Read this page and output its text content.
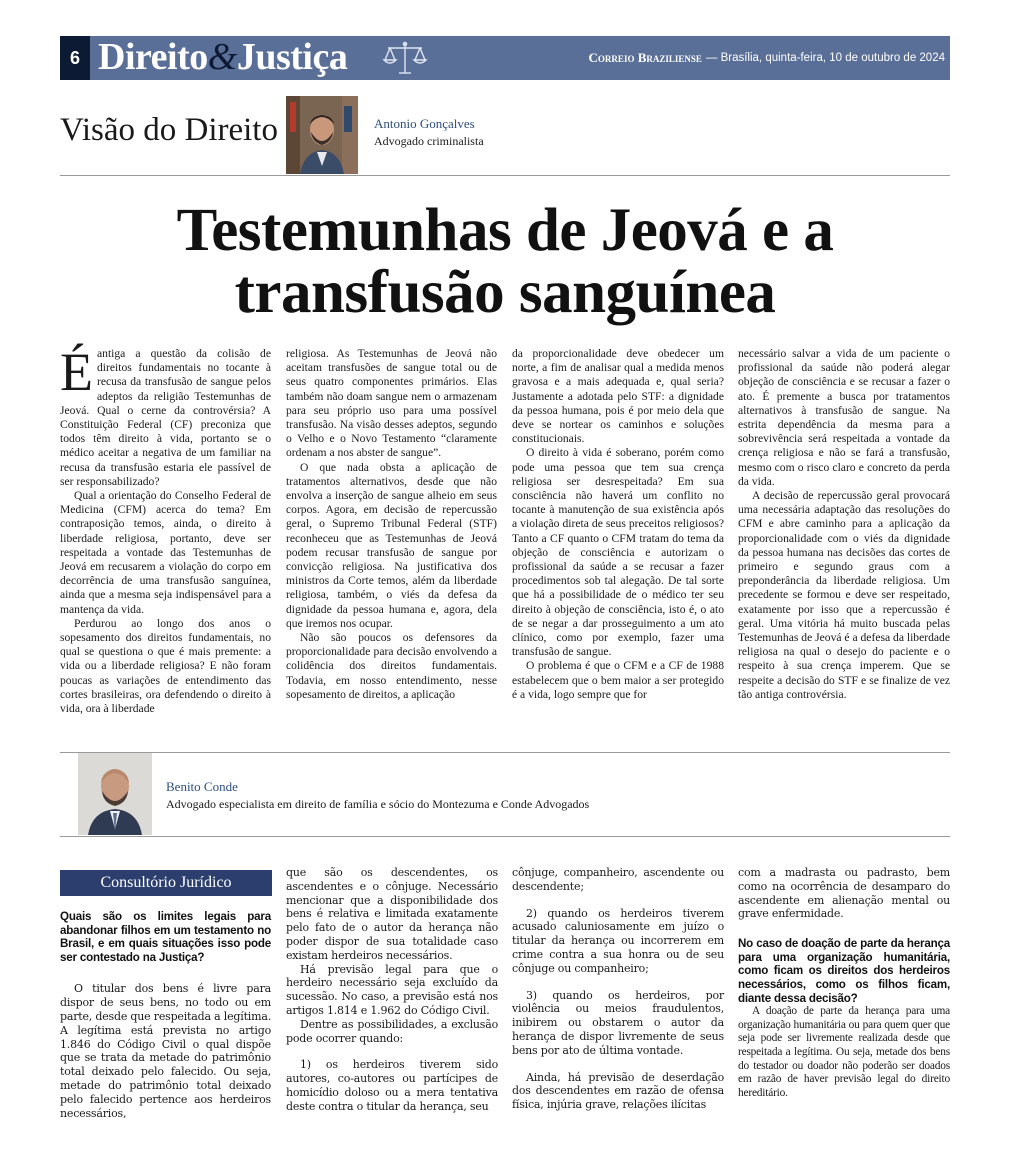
6 Direito&Justiça	Correio Braziliense — Brasília, quinta-feira, 10 de outubro de 2024
Visão do Direito	Antonio Gonçalves
Advogado criminalista
Testemunhas de Jeová e a
transfusão sanguínea

Éantiga a questão da colisão de direitos fundamentais no tocante à recusa da transfusão de sangue pelos adeptos da religião Testemunhas de Jeová. Qual o cerne da controvérsia? A Constituição Federal (CF) preconiza que todos têm direito à vida, portanto se o médico aceitar a negativa de um familiar na recusa da transfusão estaria ele passível de ser responsabilizado?

Qual a orientação do Conselho Federal de Medicina (CFM) acerca do tema? Em contraposição temos, ainda, o direito à liberdade religiosa, portanto, deve ser respeitada a vontade das Testemunhas de Jeová em recusarem a violação do corpo em decorrência de uma transfusão sanguínea, ainda que a mesma seja indispensável para a mantença da vida.

Perdurou ao longo dos anos o sopesamento dos direitos fundamentais, no qual se questiona o que é mais premente: a vida ou a liberdade religiosa? E não foram poucas as variações de entendimento das cortes brasileiras, ora defendendo o direito à vida, ora à liberdade

religiosa. As Testemunhas de Jeová não aceitam transfusões de sangue total ou de seus quatro componentes primários. Elas também não doam sangue nem o armazenam para seu próprio uso para uma possível transfusão. Na visão desses adeptos, segundo o Velho e o Novo Testamento “claramente ordenam a nos abster de sangue”.

O que nada obsta a aplicação de tratamentos alternativos, desde que não envolva a inserção de sangue alheio em seus corpos. Agora, em decisão de repercussão geral, o Supremo Tribunal Federal (STF) reconheceu que as Testemunhas de Jeová podem recusar transfusão de sangue por convicção religiosa. Na justificativa dos ministros da Corte temos, além da liberdade religiosa, também, o viés da defesa da dignidade da pessoa humana e, agora, dela que iremos nos ocupar.

Não são poucos os defensores da proporcionalidade para decisão envolvendo a colidência dos direitos fundamentais. Todavia, em nosso entendimento, nesse sopesamento de direitos, a aplicação

da proporcionalidade deve obedecer um norte, a fim de analisar qual a medida menos gravosa e a mais adequada e, qual seria? Justamente a adotada pelo STF: a dignidade da pessoa humana, pois é por meio dela que deve se nortear os caminhos e soluções constitucionais.

O direito à vida é soberano, porém como pode uma pessoa que tem sua crença religiosa ser desrespeitada? Em sua consciência não haverá um conflito no tocante à manutenção de sua existência após a violação direta de seus preceitos religiosos? Tanto a CF quanto o CFM tratam do tema da objeção de consciência e autorizam o profissional da saúde a se recusar a fazer procedimentos sob tal alegação. De tal sorte que há a possibilidade de o médico ter seu direito à objeção de consciência, isto é, o ato de se negar a dar prosseguimento a um ato clínico, como por exemplo, fazer uma transfusão de sangue.

O problema é que o CFM e a CF de 1988 estabelecem que o bem maior a ser protegido é a vida, logo sempre que for

necessário salvar a vida de um paciente o profissional da saúde não poderá alegar objeção de consciência e se recusar a fazer o ato. É premente a busca por tratamentos alternativos à transfusão de sangue. Na estrita dependência da mesma para a sobrevivência será respeitada a vontade da crença religiosa e não se fará a transfusão, mesmo com o risco claro e concreto da perda da vida.

A decisão de repercussão geral provocará uma necessária adaptação das resoluções do CFM e abre caminho para a aplicação da proporcionalidade com o viés da dignidade da pessoa humana nas decisões das cortes de primeiro e segundo graus com a preponderância da liberdade religiosa. Um precedente se formou e deve ser respeitado, exatamente por isso que a repercussão é geral. Uma vitória há muito buscada pelas Testemunhas de Jeová é a defesa da liberdade religiosa na qual o desejo do paciente e o respeito à sua crença imperem. Que se respeite a decisão do STF e se finalize de vez tão antiga controvérsia.

Benito Conde
Advogado especialista em direito de família e sócio do Montezuma e Conde Advogados
Consultório Jurídico

Quais são os limites legais para abandonar filhos em um testamento no Brasil, e em quais situações isso pode ser contestado na Justiça?

O titular dos bens é livre para dispor de seus bens, no todo ou em parte, desde que respeitada a legítima. A legítima está prevista no artigo 1.846 do Código Civil o qual dispõe que se trata da metade do patrimônio total deixado pelo falecido. Ou seja, metade do patrimônio total deixado pelo falecido pertence aos herdeiros necessários,

que são os descendentes, os ascendentes e o cônjuge. Necessário mencionar que a disponibilidade dos bens é relativa e limitada exatamente pelo fato de o autor da herança não poder dispor de sua totalidade caso existam herdeiros necessários.

Há previsão legal para que o herdeiro necessário seja excluído da sucessão. No caso, a previsão está nos artigos 1.814 e 1.962 do Código Civil.

Dentre as possibilidades, a exclusão pode ocorrer quando:

1) os herdeiros tiverem sido autores, co-autores ou partícipes de homicídio doloso ou a mera tentativa deste contra o titular da herança, seu

cônjuge, companheiro, ascendente ou descendente;

2) quando os herdeiros tiverem acusado caluniosamente em juízo o titular da herança ou incorrerem em crime contra a sua honra ou de seu cônjuge ou companheiro;

3) quando os herdeiros, por violência ou meios fraudulentos, inibirem ou obstarem o autor da herança de dispor livremente de seus bens por ato de última vontade.

Ainda, há previsão de deserdação dos descendentes em razão de ofensa física, injúria grave, relações ilícitas

com a madrasta ou padrasto, bem como na ocorrência de desamparo do ascendente em alienação mental ou grave enfermidade.

No caso de doação de parte da herança para uma organização humanitária, como ficam os direitos dos herdeiros necessários, como os filhos ficam, diante dessa decisão?

A doação de parte da herança para uma organização humanitária ou para quem quer que seja pode ser livremente realizada desde que respeitada a legítima. Ou seja, metade dos bens do testador ou doador não poderão ser doados em razão de haver previsão legal do direito hereditário.
